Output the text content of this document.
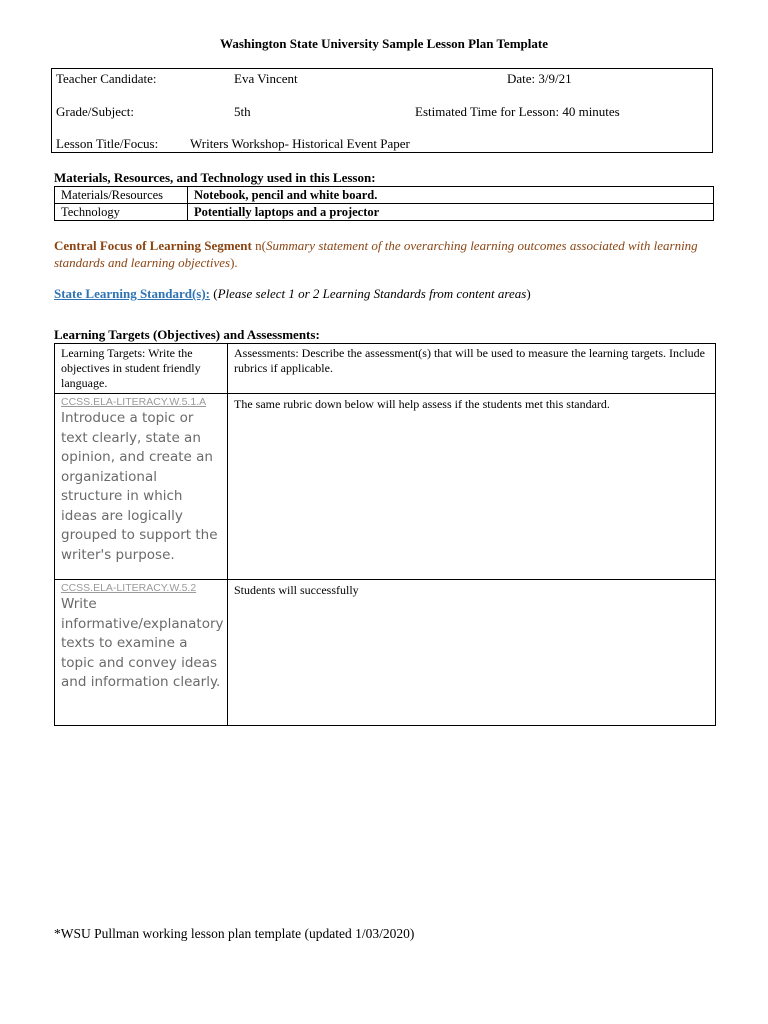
Washington State University Sample Lesson Plan Template
Teacher Candidate:	Eva Vincent	Date: 3/9/21
Grade/Subject:	5th	Estimated Time for Lesson: 40 minutes
Lesson Title/Focus: Writers Workshop- Historical Event Paper
Materials, Resources, and Technology used in this Lesson:
Materials/Resources	Notebook, pencil and white board.
Technology	Potentially laptops and a projector
Central Focus of Learning Segment n(Summary statement of the overarching learning outcomes associated with learning standards and learning objectives).
State Learning Standard(s): (Please select 1 or 2 Learning Standards from content areas)
Learning Targets (Objectives) and Assessments:
Learning Targets: Write the objectives in student friendly language.	Assessments: Describe the assessment(s) that will be used to measure the learning targets. Include rubrics if applicable.

CCSS.ELA-LITERACY.W.5.1.A
Introduce a topic or text clearly, state an opinion, and create an organizational structure in which ideas are logically grouped to support the writer's purpose.	The same rubric down below will help assess if the students met this standard.

CCSS.ELA-LITERACY.W.5.2
Write informative/explanatory texts to examine a topic and convey ideas and information clearly.	Students will successfully
*WSU Pullman working lesson plan template (updated 1/03/2020)
